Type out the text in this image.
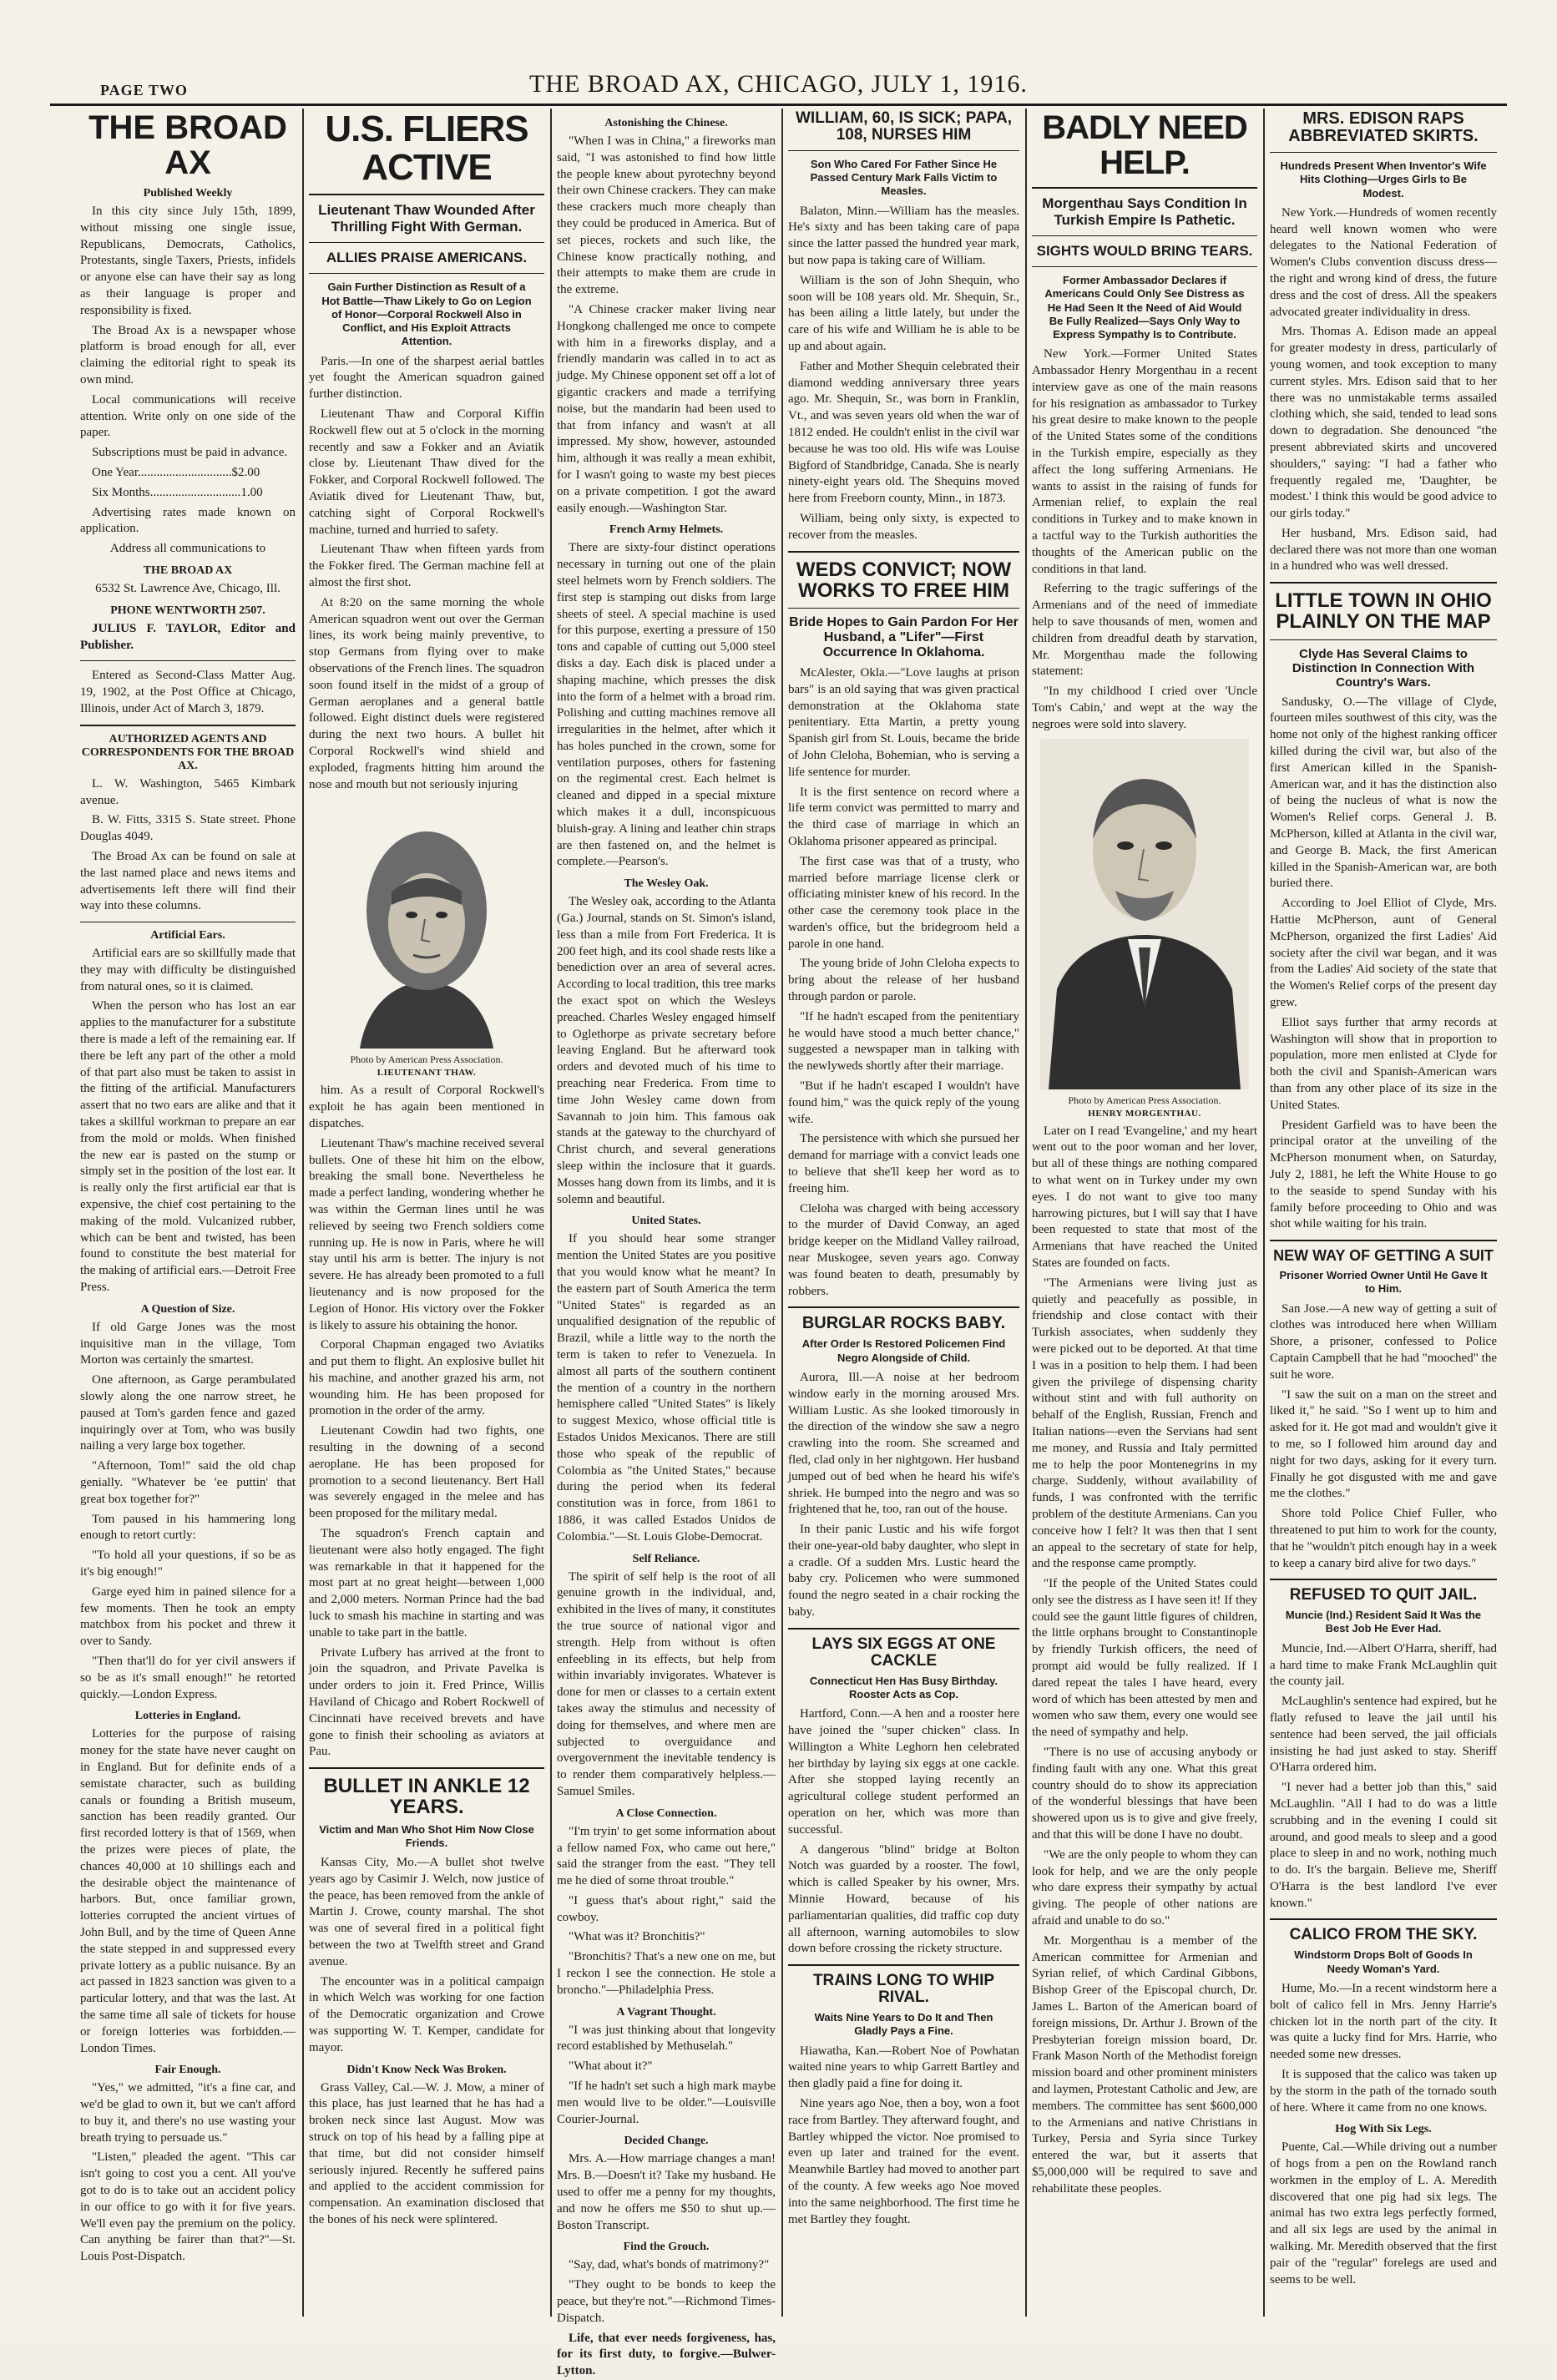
PAGE TWO	THE BROAD AX, CHICAGO, JULY 1, 1916.
THE BROAD AX
Published Weekly

In this city since July 15th, 1899, without missing one single issue, Republicans, Democrats, Catholics, Protestants, single Taxers, Priests, infidels or anyone else can have their say as long as their language is proper and responsibility is fixed.

The Broad Ax is a newspaper whose platform is broad enough for all, ever claiming the editorial right to speak its own mind.

Local communications will receive attention. Write only on one side of the paper.

Subscriptions must be paid in advance.

One Year..............................$2.00

Six Months.............................1.00

Advertising rates made known on application.

Address all communications to

THE BROAD AX

6532 St. Lawrence Ave, Chicago, Ill.

PHONE WENTWORTH 2507.

JULIUS F. TAYLOR, Editor and Publisher.

Entered as Second-Class Matter Aug. 19, 1902, at the Post Office at Chicago, Illinois, under Act of March 3, 1879.

AUTHORIZED AGENTS AND CORRESPONDENTS FOR THE BROAD AX.

L. W. Washington, 5465 Kimbark avenue.

B. W. Fitts, 3315 S. State street. Phone Douglas 4049.

The Broad Ax can be found on sale at the last named place and news items and advertisements left there will find their way into these columns.

Artificial Ears.

Artificial ears are so skillfully made that they may with difficulty be distinguished from natural ones, so it is claimed.

When the person who has lost an ear applies to the manufacturer for a substitute there is made a left of the remaining ear. If there be left any part of the other a mold of that part also must be taken to assist in the fitting of the artificial. Manufacturers assert that no two ears are alike and that it takes a skillful workman to prepare an ear from the mold or molds. When finished the new ear is pasted on the stump or simply set in the position of the lost ear. It is really only the first artificial ear that is expensive, the chief cost pertaining to the making of the mold. Vulcanized rubber, which can be bent and twisted, has been found to constitute the best material for the making of artificial ears.—Detroit Free Press.

A Question of Size.

If old Garge Jones was the most inquisitive man in the village, Tom Morton was certainly the smartest.

One afternoon, as Garge perambulated slowly along the one narrow street, he paused at Tom's garden fence and gazed inquiringly over at Tom, who was busily nailing a very large box together.

"Afternoon, Tom!" said the old chap genially. "Whatever be 'ee puttin' that great box together for?"

Tom paused in his hammering long enough to retort curtly:

"To hold all your questions, if so be as it's big enough!"

Garge eyed him in pained silence for a few moments. Then he took an empty matchbox from his pocket and threw it over to Sandy.

"Then that'll do for yer civil answers if so be as it's small enough!" he retorted quickly.—London Express.

Lotteries in England.

Lotteries for the purpose of raising money for the state have never caught on in England. But for definite ends of a semistate character, such as building canals or founding a British museum, sanction has been readily granted. Our first recorded lottery is that of 1569, when the prizes were pieces of plate, the chances 40,000 at 10 shillings each and the desirable object the maintenance of harbors. But, once familiar grown, lotteries corrupted the ancient virtues of John Bull, and by the time of Queen Anne the state stepped in and suppressed every private lottery as a public nuisance. By an act passed in 1823 sanction was given to a particular lottery, and that was the last. At the same time all sale of tickets for house or foreign lotteries was forbidden.—London Times.

Fair Enough.

"Yes," we admitted, "it's a fine car, and we'd be glad to own it, but we can't afford to buy it, and there's no use wasting your breath trying to persuade us."

"Listen," pleaded the agent. "This car isn't going to cost you a cent. All you've got to do is to take out an accident policy in our office to go with it for five years. We'll even pay the premium on the policy. Can anything be fairer than that?"—St. Louis Post-Dispatch.

U.S. FLIERS ACTIVE
Lieutenant Thaw Wounded After Thrilling Fight With German.
ALLIES PRAISE AMERICANS.
Gain Further Distinction as Result of a Hot Battle—Thaw Likely to Go on Legion of Honor—Corporal Rockwell Also in Conflict, and His Exploit Attracts Attention.

Paris.—In one of the sharpest aerial battles yet fought the American squadron gained further distinction.

Lieutenant Thaw and Corporal Kiffin Rockwell flew out at 5 o'clock in the morning recently and saw a Fokker and an Aviatik close by. Lieutenant Thaw dived for the Fokker, and Corporal Rockwell followed. The Aviatik dived for Lieutenant Thaw, but, catching sight of Corporal Rockwell's machine, turned and hurried to safety.

Lieutenant Thaw when fifteen yards from the Fokker fired. The German machine fell at almost the first shot.

At 8:20 on the same morning the whole American squadron went out over the German lines, its work being mainly preventive, to stop Germans from flying over to make observations of the French lines. The squadron soon found itself in the midst of a group of German aeroplanes and a general battle followed. Eight distinct duels were registered during the next two hours. A bullet hit Corporal Rockwell's wind shield and exploded, fragments hitting him around the nose and mouth but not seriously injuring

Photo by American Press Association.
LIEUTENANT THAW.

him. As a result of Corporal Rockwell's exploit he has again been mentioned in dispatches.

Lieutenant Thaw's machine received several bullets. One of these hit him on the elbow, breaking the small bone. Nevertheless he made a perfect landing, wondering whether he was within the German lines until he was relieved by seeing two French soldiers come running up. He is now in Paris, where he will stay until his arm is better. The injury is not severe. He has already been promoted to a full lieutenancy and is now proposed for the Legion of Honor. His victory over the Fokker is likely to assure his obtaining the honor.

Corporal Chapman engaged two Aviatiks and put them to flight. An explosive bullet hit his machine, and another grazed his arm, not wounding him. He has been proposed for promotion in the order of the army.

Lieutenant Cowdin had two fights, one resulting in the downing of a second aeroplane. He has been proposed for promotion to a second lieutenancy. Bert Hall was severely engaged in the melee and has been proposed for the military medal.

The squadron's French captain and lieutenant were also hotly engaged. The fight was remarkable in that it happened for the most part at no great height—between 1,000 and 2,000 meters. Norman Prince had the bad luck to smash his machine in starting and was unable to take part in the battle.

Private Lufbery has arrived at the front to join the squadron, and Private Pavelka is under orders to join it. Fred Prince, Willis Haviland of Chicago and Robert Rockwell of Cincinnati have received brevets and have gone to finish their schooling as aviators at Pau.

BULLET IN ANKLE 12 YEARS.
Victim and Man Who Shot Him Now Close Friends.

Kansas City, Mo.—A bullet shot twelve years ago by Casimir J. Welch, now justice of the peace, has been removed from the ankle of Martin J. Crowe, county marshal. The shot was one of several fired in a political fight between the two at Twelfth street and Grand avenue.

The encounter was in a political campaign in which Welch was working for one faction of the Democratic organization and Crowe was supporting W. T. Kemper, candidate for mayor.

Didn't Know Neck Was Broken.

Grass Valley, Cal.—W. J. Mow, a miner of this place, has just learned that he has had a broken neck since last August. Mow was struck on top of his head by a falling pipe at that time, but did not consider himself seriously injured. Recently he suffered pains and applied to the accident commission for compensation. An examination disclosed that the bones of his neck were splintered.

Astonishing the Chinese.

"When I was in China," a fireworks man said, "I was astonished to find how little the people knew about pyrotechny beyond their own Chinese crackers. They can make these crackers much more cheaply than they could be produced in America. But of set pieces, rockets and such like, the Chinese know practically nothing, and their attempts to make them are crude in the extreme.

"A Chinese cracker maker living near Hongkong challenged me once to compete with him in a fireworks display, and a friendly mandarin was called in to act as judge. My Chinese opponent set off a lot of gigantic crackers and made a terrifying noise, but the mandarin had been used to that from infancy and wasn't at all impressed. My show, however, astounded him, although it was really a mean exhibit, for I wasn't going to waste my best pieces on a private competition. I got the award easily enough.—Washington Star.

French Army Helmets.

There are sixty-four distinct operations necessary in turning out one of the plain steel helmets worn by French soldiers. The first step is stamping out disks from large sheets of steel. A special machine is used for this purpose, exerting a pressure of 150 tons and capable of cutting out 5,000 steel disks a day. Each disk is placed under a shaping machine, which presses the disk into the form of a helmet with a broad rim. Polishing and cutting machines remove all irregularities in the helmet, after which it has holes punched in the crown, some for ventilation purposes, others for fastening on the regimental crest. Each helmet is cleaned and dipped in a special mixture which makes it a dull, inconspicuous bluish-gray. A lining and leather chin straps are then fastened on, and the helmet is complete.—Pearson's.

The Wesley Oak.

The Wesley oak, according to the Atlanta (Ga.) Journal, stands on St. Simon's island, less than a mile from Fort Frederica. It is 200 feet high, and its cool shade rests like a benediction over an area of several acres. According to local tradition, this tree marks the exact spot on which the Wesleys preached. Charles Wesley engaged himself to Oglethorpe as private secretary before leaving England. But he afterward took orders and devoted much of his time to preaching near Frederica. From time to time John Wesley came down from Savannah to join him. This famous oak stands at the gateway to the churchyard of Christ church, and several generations sleep within the inclosure that it guards. Mosses hang down from its limbs, and it is solemn and beautiful.

United States.

If you should hear some stranger mention the United States are you positive that you would know what he meant? In the eastern part of South America the term "United States" is regarded as an unqualified designation of the republic of Brazil, while a little way to the north the term is taken to refer to Venezuela. In almost all parts of the southern continent the mention of a country in the northern hemisphere called "United States" is likely to suggest Mexico, whose official title is Estados Unidos Mexicanos. There are still those who speak of the republic of Colombia as "the United States," because during the period when its federal constitution was in force, from 1861 to 1886, it was called Estados Unidos de Colombia."—St. Louis Globe-Democrat.

Self Reliance.

The spirit of self help is the root of all genuine growth in the individual, and, exhibited in the lives of many, it constitutes the true source of national vigor and strength. Help from without is often enfeebling in its effects, but help from within invariably invigorates. Whatever is done for men or classes to a certain extent takes away the stimulus and necessity of doing for themselves, and where men are subjected to overguidance and overgovernment the inevitable tendency is to render them comparatively helpless.—Samuel Smiles.

A Close Connection.

"I'm tryin' to get some information about a fellow named Fox, who came out here," said the stranger from the east. "They tell me he died of some throat trouble."

"I guess that's about right," said the cowboy.

"What was it? Bronchitis?"

"Bronchitis? That's a new one on me, but I reckon I see the connection. He stole a broncho."—Philadelphia Press.

A Vagrant Thought.

"I was just thinking about that longevity record established by Methuselah."

"What about it?"

"If he hadn't set such a high mark maybe men would live to be older."—Louisville Courier-Journal.

Decided Change.

Mrs. A.—How marriage changes a man! Mrs. B.—Doesn't it? Take my husband. He used to offer me a penny for my thoughts, and now he offers me $50 to shut up.—Boston Transcript.

Find the Grouch.

"Say, dad, what's bonds of matrimony?"

"They ought to be bonds to keep the peace, but they're not."—Richmond Times-Dispatch.

Life, that ever needs forgiveness, has, for its first duty, to forgive.—Bulwer-Lytton.

WILLIAM, 60, IS SICK; PAPA, 108, NURSES HIM
Son Who Cared For Father Since He Passed Century Mark Falls Victim to Measles.

Balaton, Minn.—William has the measles. He's sixty and has been taking care of papa since the latter passed the hundred year mark, but now papa is taking care of William.

William is the son of John Shequin, who soon will be 108 years old. Mr. Shequin, Sr., has been ailing a little lately, but under the care of his wife and William he is able to be up and about again.

Father and Mother Shequin celebrated their diamond wedding anniversary three years ago. Mr. Shequin, Sr., was born in Franklin, Vt., and was seven years old when the war of 1812 ended. He couldn't enlist in the civil war because he was too old. His wife was Louise Bigford of Standbridge, Canada. She is nearly ninety-eight years old. The Shequins moved here from Freeborn county, Minn., in 1873.

William, being only sixty, is expected to recover from the measles.

WEDS CONVICT; NOW WORKS TO FREE HIM
Bride Hopes to Gain Pardon For Her Husband, a "Lifer"—First Occurrence In Oklahoma.

McAlester, Okla.—"Love laughs at prison bars" is an old saying that was given practical demonstration at the Oklahoma state penitentiary. Etta Martin, a pretty young Spanish girl from St. Louis, became the bride of John Cleloha, Bohemian, who is serving a life sentence for murder.

It is the first sentence on record where a life term convict was permitted to marry and the third case of marriage in which an Oklahoma prisoner appeared as principal.

The first case was that of a trusty, who married before marriage license clerk or officiating minister knew of his record. In the other case the ceremony took place in the warden's office, but the bridegroom held a parole in one hand.

The young bride of John Cleloha expects to bring about the release of her husband through pardon or parole.

"If he hadn't escaped from the penitentiary he would have stood a much better chance," suggested a newspaper man in talking with the newlyweds shortly after their marriage.

"But if he hadn't escaped I wouldn't have found him," was the quick reply of the young wife.

The persistence with which she pursued her demand for marriage with a convict leads one to believe that she'll keep her word as to freeing him.

Cleloha was charged with being accessory to the murder of David Conway, an aged bridge keeper on the Midland Valley railroad, near Muskogee, seven years ago. Conway was found beaten to death, presumably by robbers.

BURGLAR ROCKS BABY.
After Order Is Restored Policemen Find Negro Alongside of Child.

Aurora, Ill.—A noise at her bedroom window early in the morning aroused Mrs. William Lustic. As she looked timorously in the direction of the window she saw a negro crawling into the room. She screamed and fled, clad only in her nightgown. Her husband jumped out of bed when he heard his wife's shriek. He bumped into the negro and was so frightened that he, too, ran out of the house.

In their panic Lustic and his wife forgot their one-year-old baby daughter, who slept in a cradle. Of a sudden Mrs. Lustic heard the baby cry. Policemen who were summoned found the negro seated in a chair rocking the baby.

LAYS SIX EGGS AT ONE CACKLE
Connecticut Hen Has Busy Birthday. Rooster Acts as Cop.

Hartford, Conn.—A hen and a rooster here have joined the "super chicken" class. In Willington a White Leghorn hen celebrated her birthday by laying six eggs at one cackle. After she stopped laying recently an agricultural college student performed an operation on her, which was more than successful.

A dangerous "blind" bridge at Bolton Notch was guarded by a rooster. The fowl, which is called Speaker by his owner, Mrs. Minnie Howard, because of his parliamentarian qualities, did traffic cop duty all afternoon, warning automobiles to slow down before crossing the rickety structure.

TRAINS LONG TO WHIP RIVAL.
Waits Nine Years to Do It and Then Gladly Pays a Fine.

Hiawatha, Kan.—Robert Noe of Powhatan waited nine years to whip Garrett Bartley and then gladly paid a fine for doing it.

Nine years ago Noe, then a boy, won a foot race from Bartley. They afterward fought, and Bartley whipped the victor. Noe promised to even up later and trained for the event. Meanwhile Bartley had moved to another part of the county. A few weeks ago Noe moved into the same neighborhood. The first time he met Bartley they fought.

BADLY NEED HELP.
Morgenthau Says Condition In Turkish Empire Is Pathetic.
SIGHTS WOULD BRING TEARS.
Former Ambassador Declares if Americans Could Only See Distress as He Had Seen It the Need of Aid Would Be Fully Realized—Says Only Way to Express Sympathy Is to Contribute.

New York.—Former United States Ambassador Henry Morgenthau in a recent interview gave as one of the main reasons for his resignation as ambassador to Turkey his great desire to make known to the people of the United States some of the conditions in the Turkish empire, especially as they affect the long suffering Armenians. He wants to assist in the raising of funds for Armenian relief, to explain the real conditions in Turkey and to make known in a tactful way to the Turkish authorities the thoughts of the American public on the conditions in that land.

Referring to the tragic sufferings of the Armenians and of the need of immediate help to save thousands of men, women and children from dreadful death by starvation, Mr. Morgenthau made the following statement:

"In my childhood I cried over 'Uncle Tom's Cabin,' and wept at the way the negroes were sold into slavery.

Photo by American Press Association.
HENRY MORGENTHAU.

Later on I read 'Evangeline,' and my heart went out to the poor woman and her lover, but all of these things are nothing compared to what went on in Turkey under my own eyes. I do not want to give too many harrowing pictures, but I will say that I have been requested to state that most of the Armenians that have reached the United States are founded on facts.

"The Armenians were living just as quietly and peacefully as possible, in friendship and close contact with their Turkish associates, when suddenly they were picked out to be deported. At that time I was in a position to help them. I had been given the privilege of dispensing charity without stint and with full authority on behalf of the English, Russian, French and Italian nations—even the Servians had sent me money, and Russia and Italy permitted me to help the poor Montenegrins in my charge. Suddenly, without availability of funds, I was confronted with the terrific problem of the destitute Armenians. Can you conceive how I felt? It was then that I sent an appeal to the secretary of state for help, and the response came promptly.

"If the people of the United States could only see the distress as I have seen it! If they could see the gaunt little figures of children, the little orphans brought to Constantinople by friendly Turkish officers, the need of prompt aid would be fully realized. If I dared repeat the tales I have heard, every word of which has been attested by men and women who saw them, every one would see the need of sympathy and help.

"There is no use of accusing anybody or finding fault with any one. What this great country should do to show its appreciation of the wonderful blessings that have been showered upon us is to give and give freely, and that this will be done I have no doubt.

"We are the only people to whom they can look for help, and we are the only people who dare express their sympathy by actual giving. The people of other nations are afraid and unable to do so."

Mr. Morgenthau is a member of the American committee for Armenian and Syrian relief, of which Cardinal Gibbons, Bishop Greer of the Episcopal church, Dr. James L. Barton of the American board of foreign missions, Dr. Arthur J. Brown of the Presbyterian foreign mission board, Dr. Frank Mason North of the Methodist foreign mission board and other prominent ministers and laymen, Protestant Catholic and Jew, are members. The committee has sent $600,000 to the Armenians and native Christians in Turkey, Persia and Syria since Turkey entered the war, but it asserts that $5,000,000 will be required to save and rehabilitate these peoples.

MRS. EDISON RAPS ABBREVIATED SKIRTS.
Hundreds Present When Inventor's Wife Hits Clothing—Urges Girls to Be Modest.

New York.—Hundreds of women recently heard well known women who were delegates to the National Federation of Women's Clubs convention discuss dress—the right and wrong kind of dress, the future dress and the cost of dress. All the speakers advocated greater individuality in dress.

Mrs. Thomas A. Edison made an appeal for greater modesty in dress, particularly of young women, and took exception to many current styles. Mrs. Edison said that to her there was no unmistakable terms assailed clothing which, she said, tended to lead sons down to degradation. She denounced "the present abbreviated skirts and uncovered shoulders," saying: "I had a father who frequently regaled me, 'Daughter, be modest.' I think this would be good advice to our girls today."

Her husband, Mrs. Edison said, had declared there was not more than one woman in a hundred who was well dressed.

LITTLE TOWN IN OHIO PLAINLY ON THE MAP
Clyde Has Several Claims to Distinction In Connection With Country's Wars.

Sandusky, O.—The village of Clyde, fourteen miles southwest of this city, was the home not only of the highest ranking officer killed during the civil war, but also of the first American killed in the Spanish-American war, and it has the distinction also of being the nucleus of what is now the Women's Relief corps. General J. B. McPherson, killed at Atlanta in the civil war, and George B. Mack, the first American killed in the Spanish-American war, are both buried there.

According to Joel Elliot of Clyde, Mrs. Hattie McPherson, aunt of General McPherson, organized the first Ladies' Aid society after the civil war began, and it was from the Ladies' Aid society of the state that the Women's Relief corps of the present day grew.

Elliot says further that army records at Washington will show that in proportion to population, more men enlisted at Clyde for both the civil and Spanish-American wars than from any other place of its size in the United States.

President Garfield was to have been the principal orator at the unveiling of the McPherson monument when, on Saturday, July 2, 1881, he left the White House to go to the seaside to spend Sunday with his family before proceeding to Ohio and was shot while waiting for his train.

NEW WAY OF GETTING A SUIT
Prisoner Worried Owner Until He Gave It to Him.

San Jose.—A new way of getting a suit of clothes was introduced here when William Shore, a prisoner, confessed to Police Captain Campbell that he had "mooched" the suit he wore.

"I saw the suit on a man on the street and liked it," he said. "So I went up to him and asked for it. He got mad and wouldn't give it to me, so I followed him around day and night for two days, asking for it every turn. Finally he got disgusted with me and gave me the clothes."

Shore told Police Chief Fuller, who threatened to put him to work for the county, that he "wouldn't pitch enough hay in a week to keep a canary bird alive for two days."

REFUSED TO QUIT JAIL.
Muncie (Ind.) Resident Said It Was the Best Job He Ever Had.

Muncie, Ind.—Albert O'Harra, sheriff, had a hard time to make Frank McLaughlin quit the county jail.

McLaughlin's sentence had expired, but he flatly refused to leave the jail until his sentence had been served, the jail officials insisting he had just asked to stay. Sheriff O'Harra ordered him.

"I never had a better job than this," said McLaughlin. "All I had to do was a little scrubbing and in the evening I could sit around, and good meals to sleep and a good place to sleep in and no work, nothing much to do. It's the bargain. Believe me, Sheriff O'Harra is the best landlord I've ever known."

CALICO FROM THE SKY.
Windstorm Drops Bolt of Goods In Needy Woman's Yard.

Hume, Mo.—In a recent windstorm here a bolt of calico fell in Mrs. Jenny Harrie's chicken lot in the north part of the city. It was quite a lucky find for Mrs. Harrie, who needed some new dresses.

It is supposed that the calico was taken up by the storm in the path of the tornado south of here. Where it came from no one knows.

Hog With Six Legs.

Puente, Cal.—While driving out a number of hogs from a pen on the Rowland ranch workmen in the employ of L. A. Meredith discovered that one pig had six legs. The animal has two extra legs perfectly formed, and all six legs are used by the animal in walking. Mr. Meredith observed that the first pair of the "regular" forelegs are used and seems to be well.
